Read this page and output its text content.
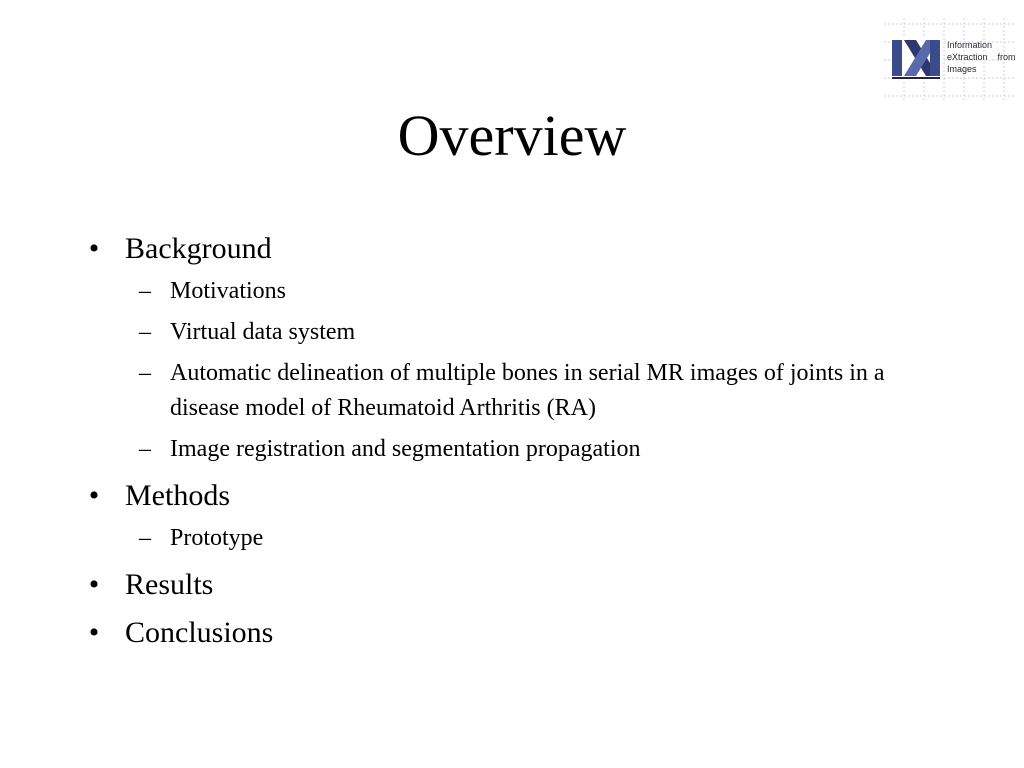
Information
eXtraction from
Images
Overview
• Background
– Motivations
– Virtual data system
– Automatic delineation of multiple bones in serial MR images of joints in a disease model of Rheumatoid Arthritis (RA)
– Image registration and segmentation propagation
• Methods
– Prototype
• Results
• Conclusions
